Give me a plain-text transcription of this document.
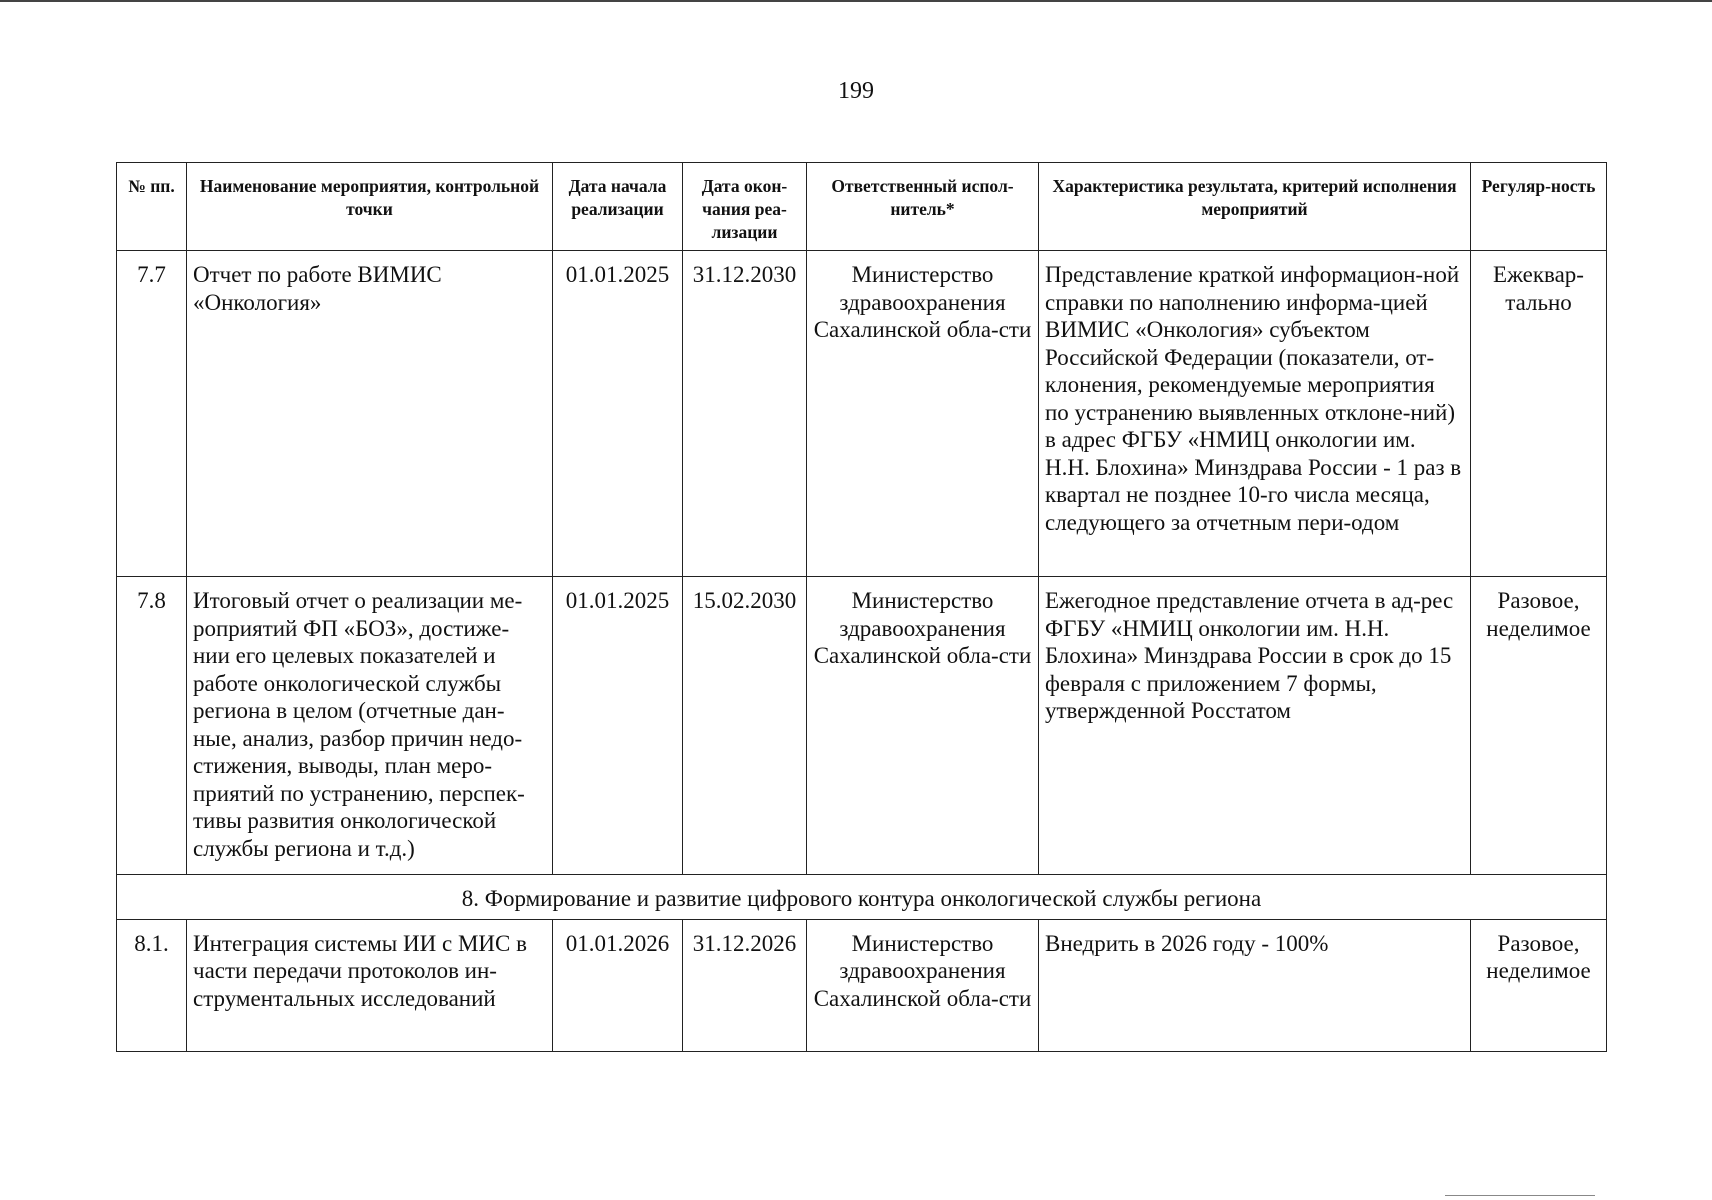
199
№ пп.	Наименование мероприятия, контрольной точки	Дата начала реализации	Дата окон-чания реа-лизации	Ответственный испол-нитель*	Характеристика результата, критерий исполнения мероприятий	Регуляр-ность
7.7	Отчет по работе ВИМИС «Онкология»	01.01.2025	31.12.2030	Министерство здравоохранения Сахалинской обла-сти	Представление краткой информацион-ной справки по наполнению информа-цией ВИМИС «Онкология» субъектом Российской Федерации (показатели, от-клонения, рекомендуемые мероприятия по устранению выявленных отклоне-ний) в адрес ФГБУ «НМИЦ онкологии им. Н.Н. Блохина» Минздрава России - 1 раз в квартал не позднее 10-го числа месяца, следующего за отчетным пери-одом	Ежеквар-тально
7.8	Итоговый отчет о реализации ме-роприятий ФП «БОЗ», достиже-нии его целевых показателей и работе онкологической службы региона в целом (отчетные дан-ные, анализ, разбор причин недо-стижения, выводы, план меро-приятий по устранению, перспек-тивы развития онкологической службы региона и т.д.)	01.01.2025	15.02.2030	Министерство здравоохранения Сахалинской обла-сти	Ежегодное представление отчета в ад-рес ФГБУ «НМИЦ онкологии им. Н.Н. Блохина» Минздрава России в срок до 15 февраля с приложением 7 формы, утвержденной Росстатом	Разовое, неделимое
8. Формирование и развитие цифрового контура онкологической службы региона						
8.1.	Интеграция системы ИИ с МИС в части передачи протоколов ин-струментальных исследований	01.01.2026	31.12.2026	Министерство здравоохранения Сахалинской обла-сти	Внедрить в 2026 году - 100%	Разовое, неделимое
